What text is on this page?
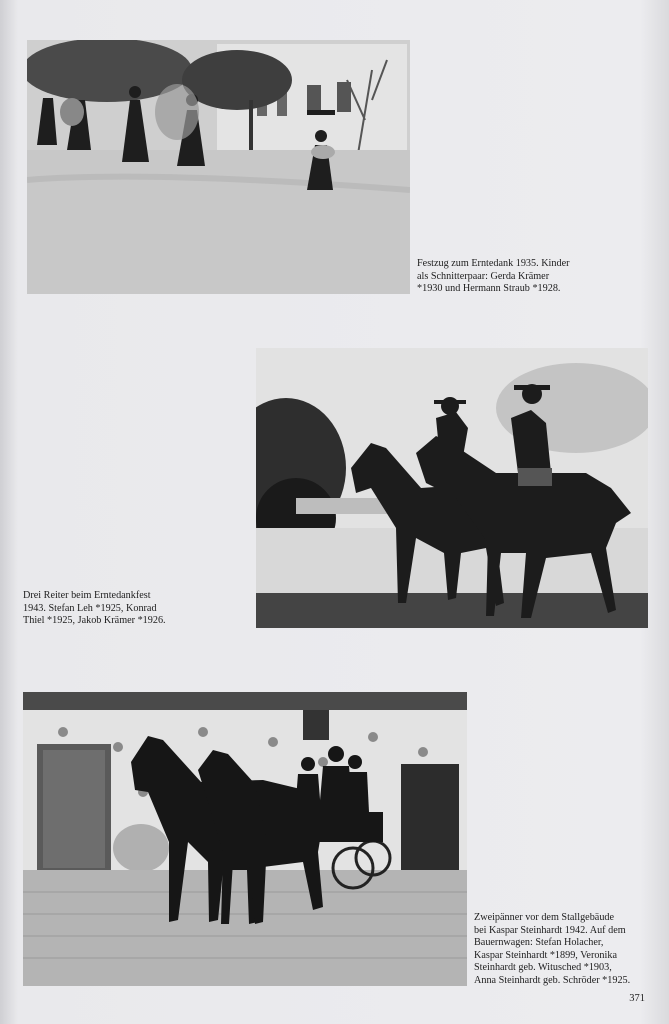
Festzug zum Erntedank 1935. Kinder
als Schnitterpaar: Gerda Krämer
*1930 und Hermann Straub *1928.
Drei Reiter beim Erntedankfest
1943. Stefan Leh *1925, Konrad
Thiel *1925, Jakob Krämer *1926.
Zweipänner vor dem Stallgebäude
bei Kaspar Steinhardt 1942. Auf dem
Bauernwagen: Stefan Holacher,
Kaspar Steinhardt *1899, Veronika
Steinhardt geb. Witusched *1903,
Anna Steinhardt geb. Schröder *1925.
371
